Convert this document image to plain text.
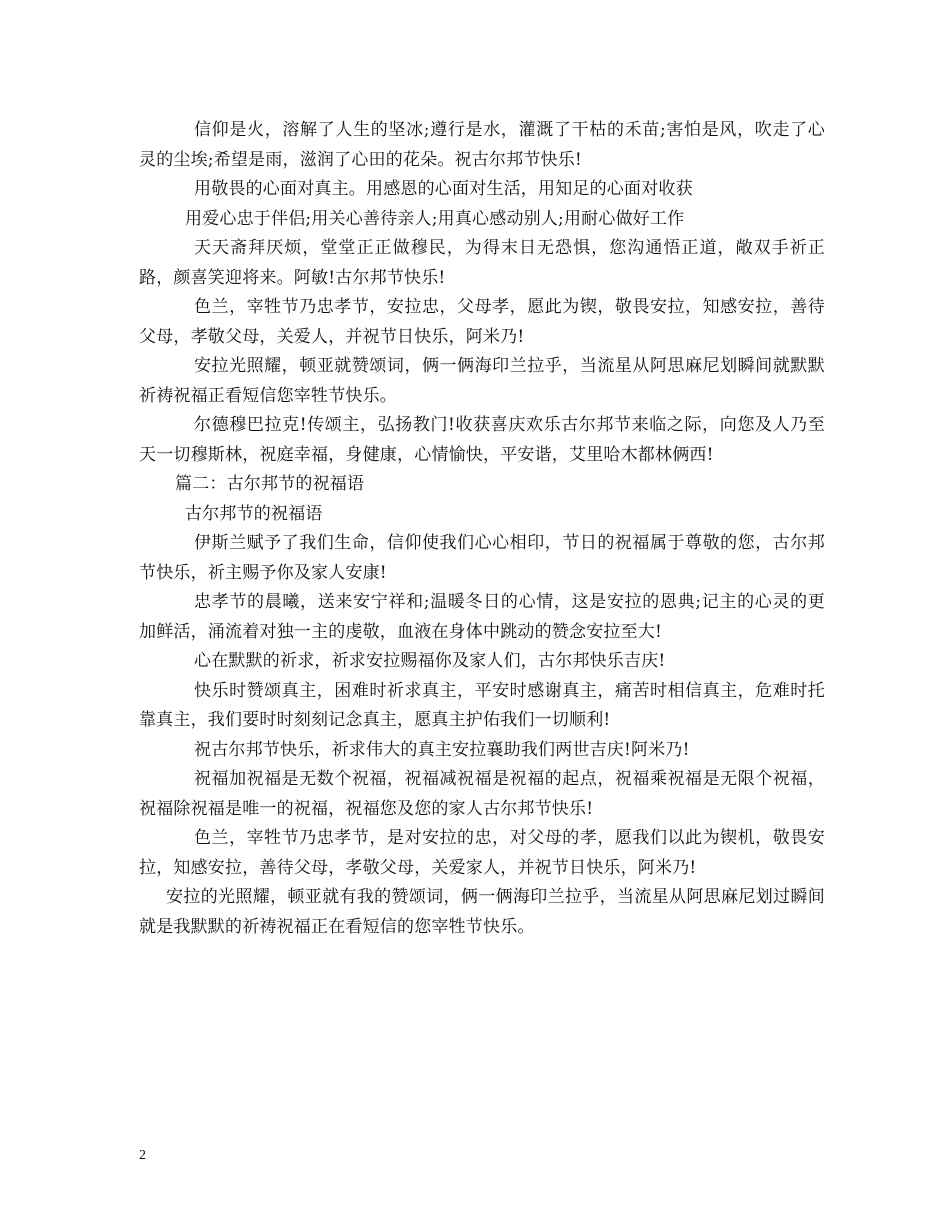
信仰是火，溶解了人生的坚冰;遵行是水，灌溉了干枯的禾苗;害怕是风，吹走了心灵的尘埃;希望是雨，滋润了心田的花朵。祝古尔邦节快乐!

用敬畏的心面对真主。用感恩的心面对生活，用知足的心面对收获

用爱心忠于伴侣;用关心善待亲人;用真心感动别人;用耐心做好工作

天天斋拜厌烦，堂堂正正做穆民，为得末日无恐惧，您沟通悟正道，敞双手祈正路，颜喜笑迎将来。阿敏!古尔邦节快乐!

色兰，宰牲节乃忠孝节，安拉忠，父母孝，愿此为锲，敬畏安拉，知感安拉，善待父母，孝敬父母，关爱人，并祝节日快乐，阿米乃!

安拉光照耀，顿亚就赞颂词，俩一俩海印兰拉乎，当流星从阿思麻尼划瞬间就默默祈祷祝福正看短信您宰牲节快乐。

尔德穆巴拉克!传颂主，弘扬教门!收获喜庆欢乐古尔邦节来临之际，向您及人乃至天一切穆斯林，祝庭幸福，身健康，心情愉快，平安谐，艾里哈木都林俩西!

篇二：古尔邦节的祝福语

古尔邦节的祝福语

伊斯兰赋予了我们生命，信仰使我们心心相印，节日的祝福属于尊敬的您，古尔邦节快乐，祈主赐予你及家人安康!

忠孝节的晨曦，送来安宁祥和;温暖冬日的心情，这是安拉的恩典;记主的心灵的更加鲜活，涌流着对独一主的虔敬，血液在身体中跳动的赞念安拉至大!

心在默默的祈求，祈求安拉赐福你及家人们，古尔邦快乐吉庆!

快乐时赞颂真主，困难时祈求真主，平安时感谢真主，痛苦时相信真主，危难时托靠真主，我们要时时刻刻记念真主，愿真主护佑我们一切顺利!

祝古尔邦节快乐，祈求伟大的真主安拉襄助我们两世吉庆!阿米乃!

祝福加祝福是无数个祝福，祝福减祝福是祝福的起点，祝福乘祝福是无限个祝福，祝福除祝福是唯一的祝福，祝福您及您的家人古尔邦节快乐!

色兰，宰牲节乃忠孝节，是对安拉的忠，对父母的孝，愿我们以此为锲机，敬畏安拉，知感安拉，善待父母，孝敬父母，关爱家人，并祝节日快乐，阿米乃!

安拉的光照耀，顿亚就有我的赞颂词，俩一俩海印兰拉乎，当流星从阿思麻尼划过瞬间就是我默默的祈祷祝福正在看短信的您宰牲节快乐。

2
